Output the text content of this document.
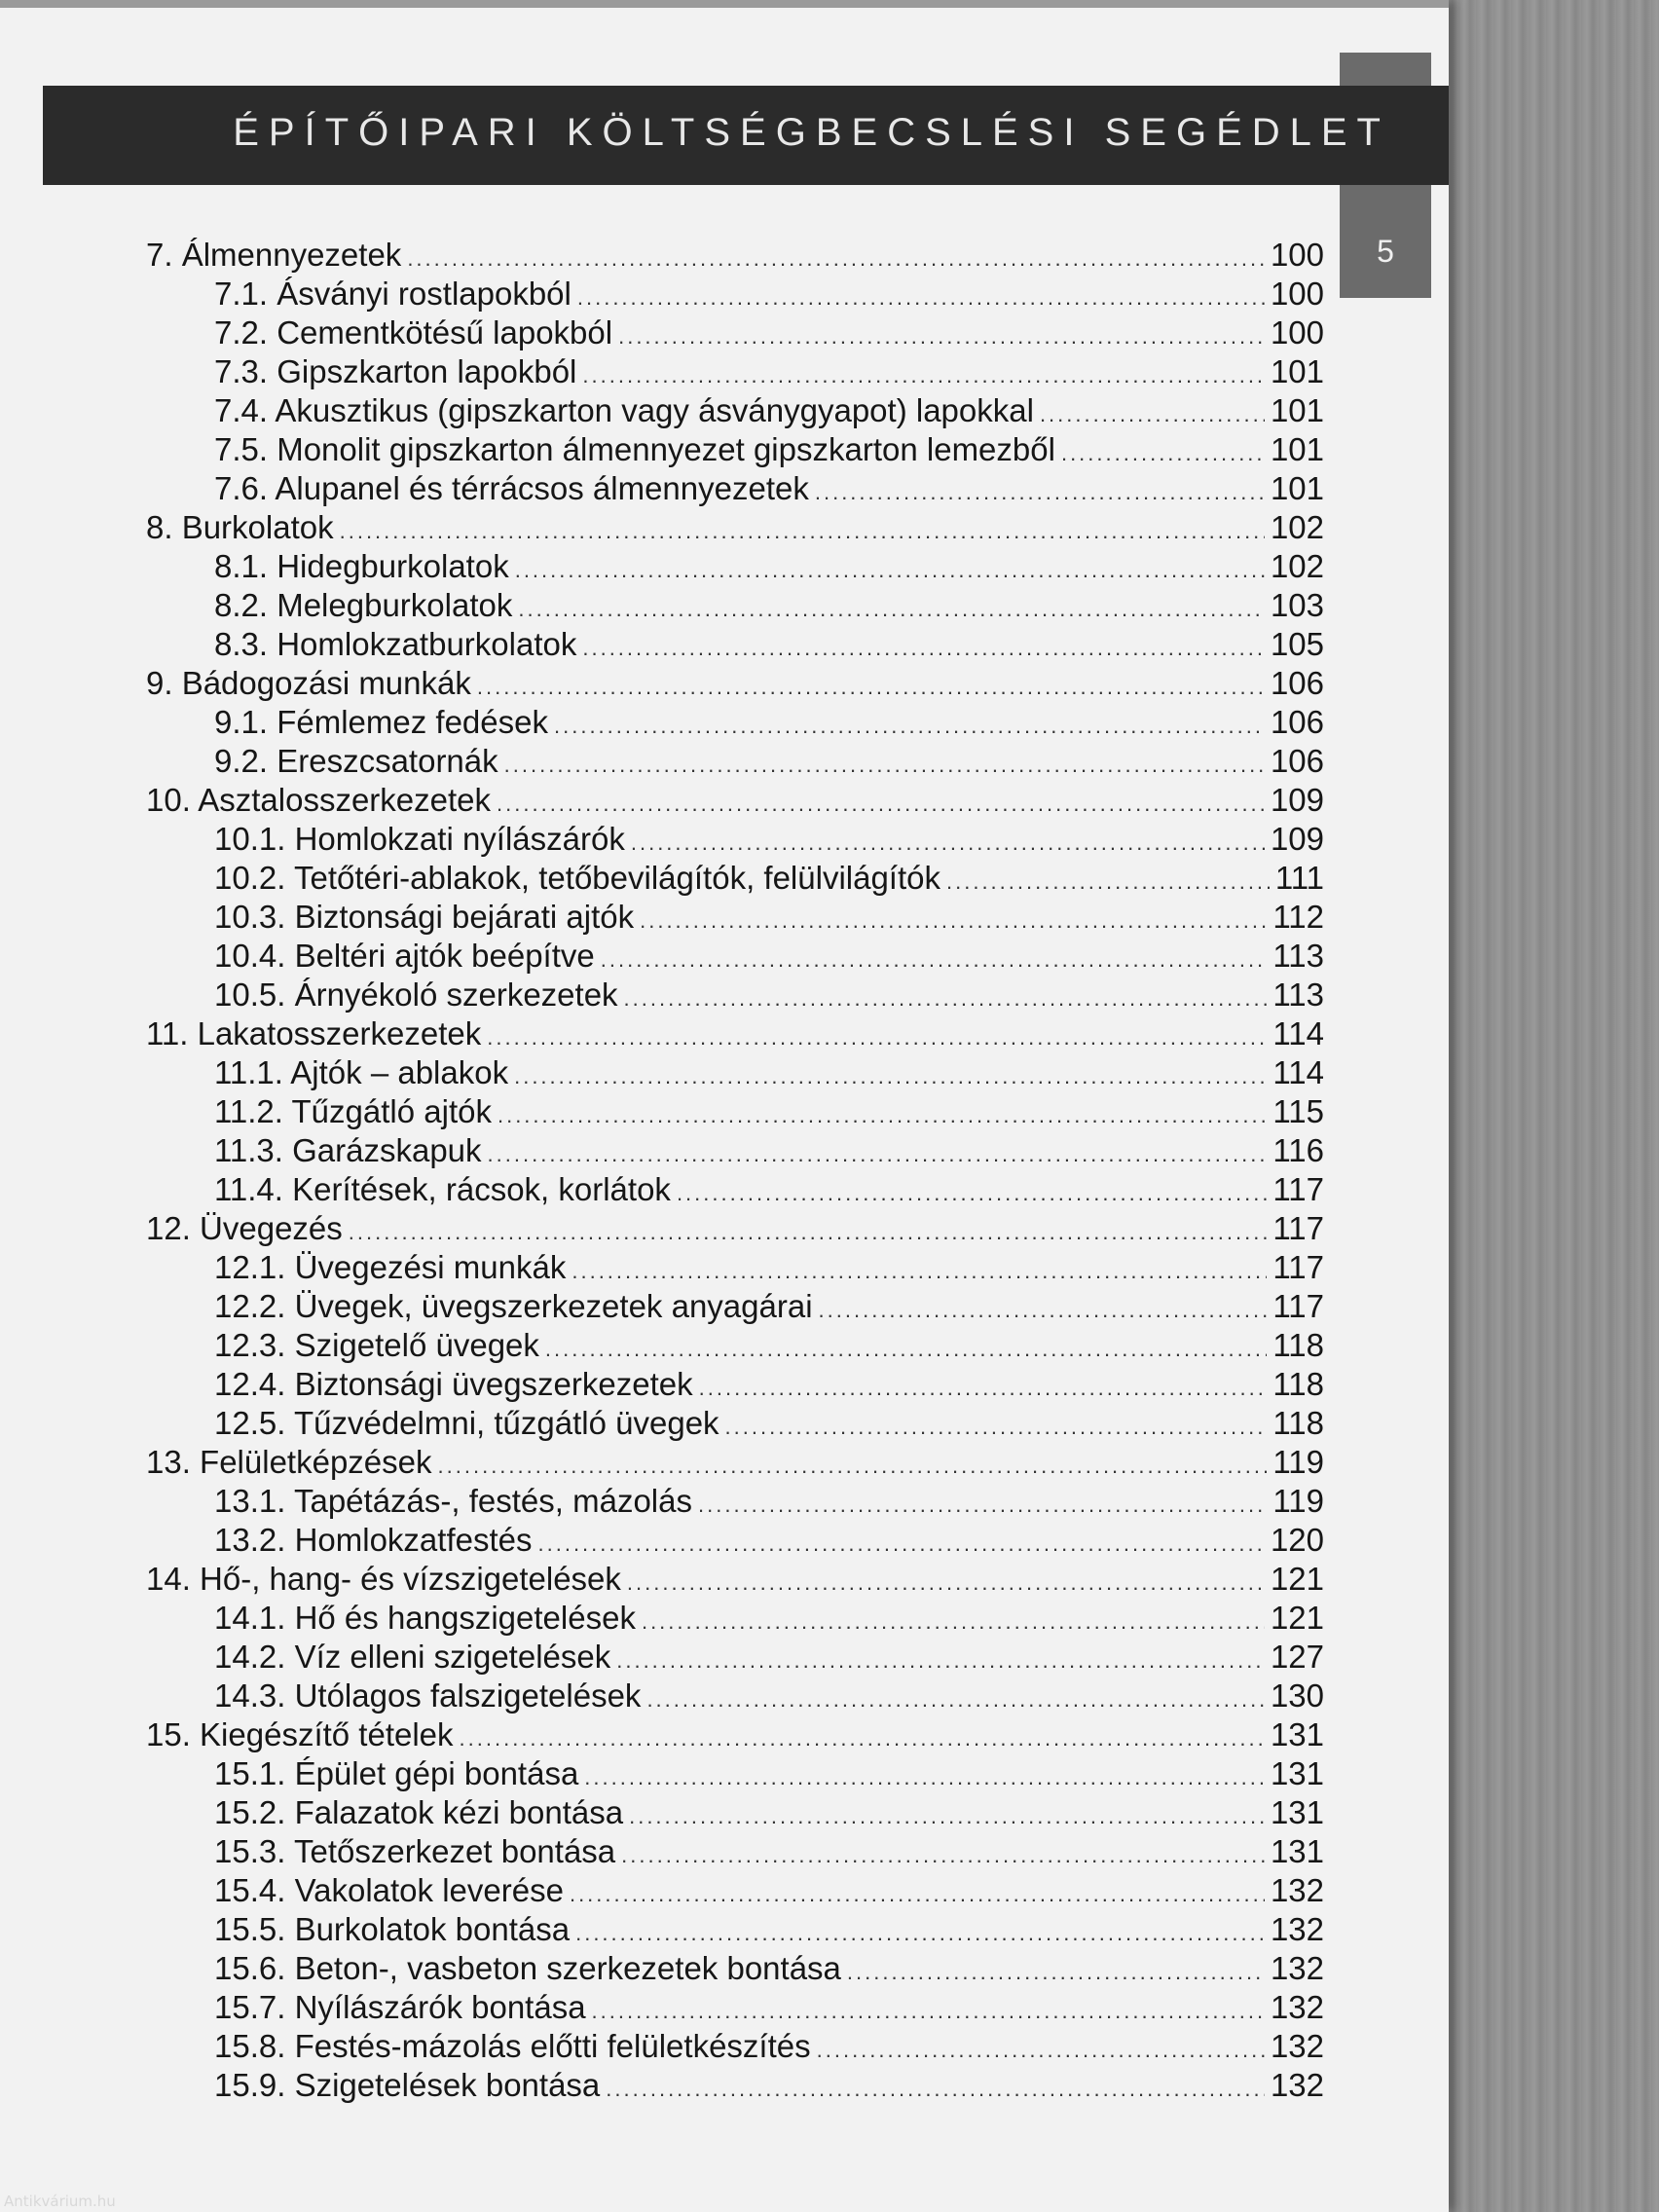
5
ÉPÍTŐIPARI KÖLTSÉGBECSLÉSI SEGÉDLET
7. Álmennyezetek .....	100
7.1. Ásványi rostlapokból .....	100
7.2. Cementkötésű lapokból .....	100
7.3. Gipszkarton lapokból .....	101
7.4. Akusztikus (gipszkarton vagy ásványgyapot) lapokkal .....	101
7.5. Monolit gipszkarton álmennyezet gipszkarton lemezből .....	101
7.6. Alupanel és térrácsos álmennyezetek .....	101
8. Burkolatok .....	102
8.1. Hidegburkolatok .....	102
8.2. Melegburkolatok .....	103
8.3. Homlokzatburkolatok .....	105
9. Bádogozási munkák .....	106
9.1. Fémlemez fedések .....	106
9.2. Ereszcsatornák .....	106
10. Asztalosszerkezetek .....	109
10.1. Homlokzati nyílászárók .....	109
10.2. Tetőtéri-ablakok, tetőbevilágítók, felülvilágítók .....	111
10.3. Biztonsági bejárati ajtók .....	112
10.4. Beltéri ajtók beépítve .....	113
10.5. Árnyékoló szerkezetek .....	113
11. Lakatosszerkezetek .....	114
11.1. Ajtók – ablakok .....	114
11.2. Tűzgátló ajtók .....	115
11.3. Garázskapuk .....	116
11.4. Kerítések, rácsok, korlátok .....	117
12. Üvegezés .....	117
12.1. Üvegezési munkák .....	117
12.2. Üvegek, üvegszerkezetek anyagárai .....	117
12.3. Szigetelő üvegek .....	118
12.4. Biztonsági üvegszerkezetek .....	118
12.5. Tűzvédelmni, tűzgátló üvegek .....	118
13. Felületképzések .....	119
13.1. Tapétázás-, festés, mázolás .....	119
13.2. Homlokzatfestés .....	120
14. Hő-, hang- és vízszigetelések .....	121
14.1. Hő és hangszigetelések .....	121
14.2. Víz elleni szigetelések .....	127
14.3. Utólagos falszigetelések .....	130
15. Kiegészítő tételek .....	131
15.1. Épület gépi bontása .....	131
15.2. Falazatok kézi bontása .....	131
15.3. Tetőszerkezet bontása .....	131
15.4. Vakolatok leverése .....	132
15.5. Burkolatok bontása .....	132
15.6. Beton-, vasbeton szerkezetek bontása .....	132
15.7. Nyílászárók bontása .....	132
15.8. Festés-mázolás előtti felületkészítés .....	132
15.9. Szigetelések bontása .....	132
Antikvárium.hu
